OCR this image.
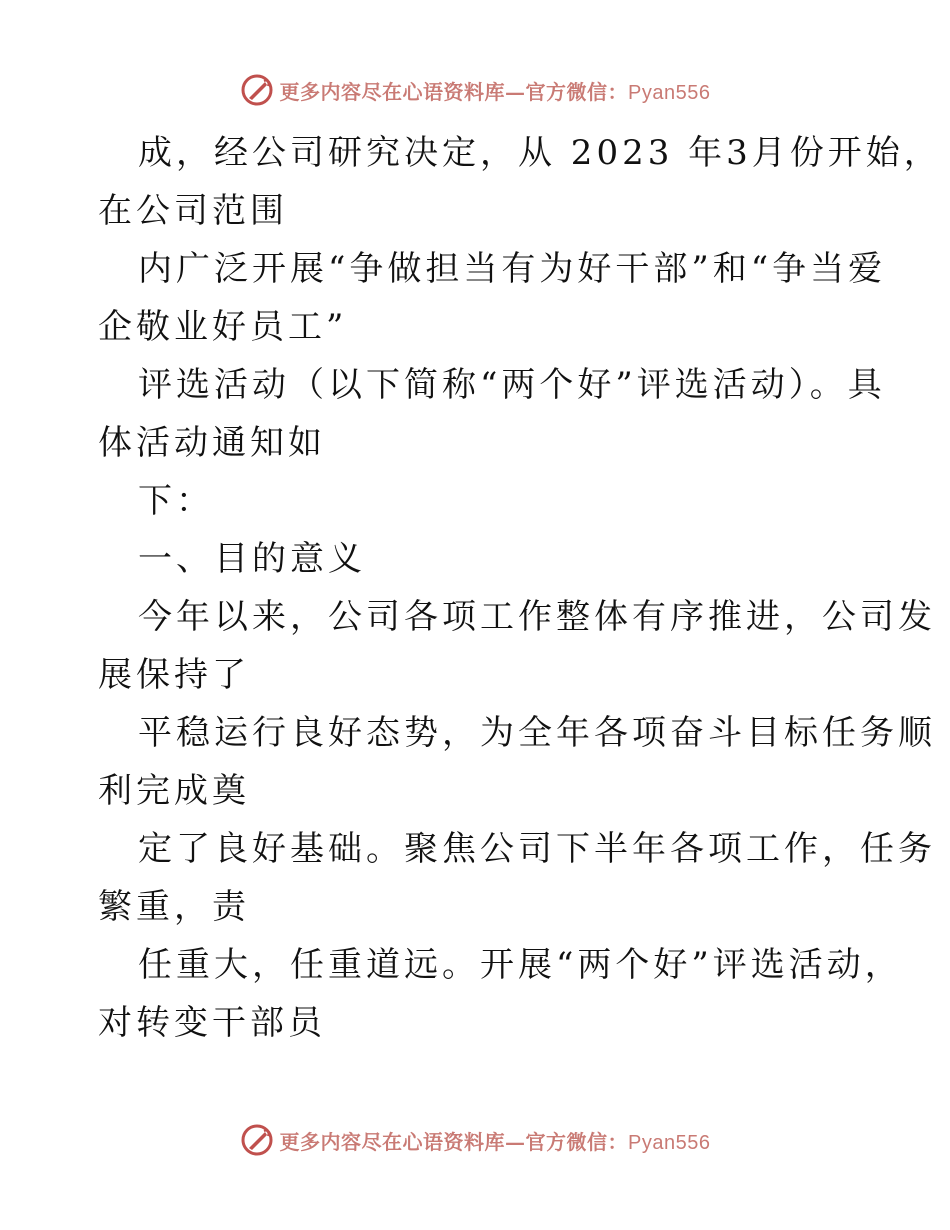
更多内容尽在心语资料库—官方微信：Pyan556
成，经公司研究决定，从 2023 年3月份开始，
在公司范围
内广泛开展“争做担当有为好干部”和“争当爱
企敬业好员工”
评选活动（以下简称“两个好”评选活动）。具
体活动通知如
下：
一、目的意义
今年以来，公司各项工作整体有序推进，公司发
展保持了
平稳运行良好态势，为全年各项奋斗目标任务顺
利完成奠
定了良好基础。聚焦公司下半年各项工作，任务
繁重，责
任重大，任重道远。开展“两个好”评选活动，
对转变干部员
更多内容尽在心语资料库—官方微信：Pyan556
